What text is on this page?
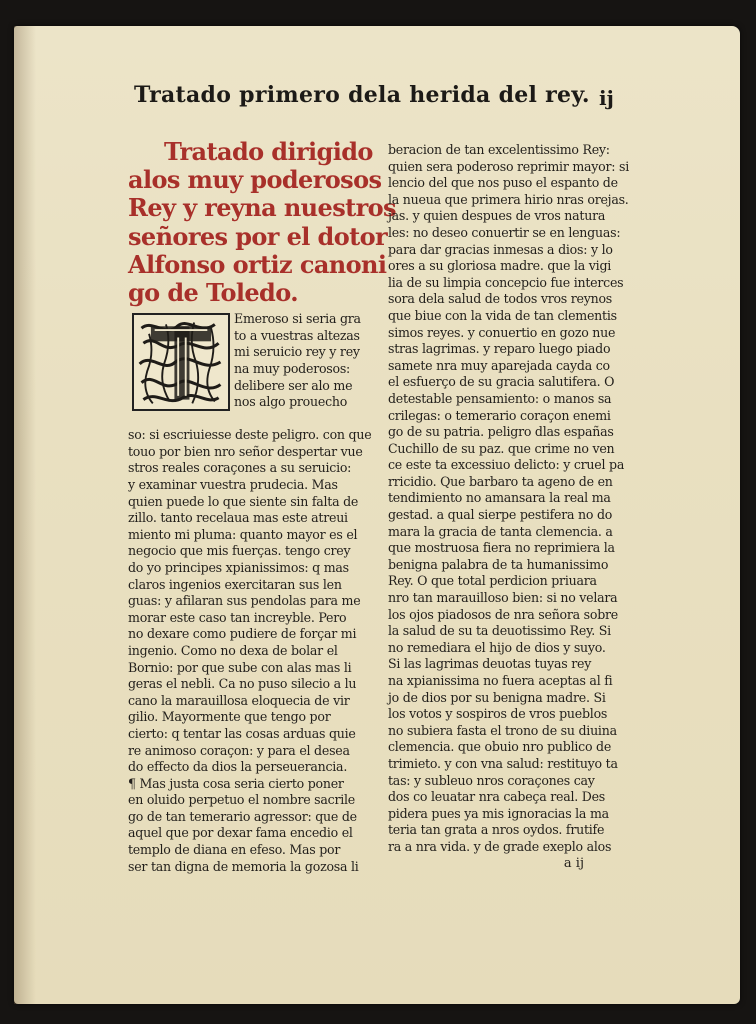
Tratado primero dela herida del rey. ij
Tratado dirigido
alos muy poderosos
Rey y reyna nuestros
señores por el dotor
Alfonso ortiz canoni
go de Toledo.
Emeroso si seria gra
to a vuestras altezas
mi seruicio rey y rey
na muy poderosos:
delibere ser alo me
nos algo prouecho
so: si escriuiesse deste peligro. con que
touo por bien nro señor despertar vue
stros reales coraçones a su seruicio:
y examinar vuestra prudecia. Mas
quien puede lo que siente sin falta de
zillo. tanto recelaua mas este atreui
miento mi pluma: quanto mayor es el
negocio que mis fuerças. tengo crey
do yo principes xpianissimos: q mas
claros ingenios exercitaran sus len
guas: y afilaran sus pendolas para me
morar este caso tan increyble. Pero
no dexare como pudiere de forçar mi
ingenio. Como no dexa de bolar el
Bornio: por que sube con alas mas li
geras el nebli. Ca no puso silecio a lu
cano la marauillosa eloquecia de vir
gilio. Mayormente que tengo por
cierto: q tentar las cosas arduas quie
re animoso coraçon: y para el desea
do effecto da dios la perseuerancia.
¶ Mas justa cosa seria cierto poner
en oluido perpetuo el nombre sacrile
go de tan temerario agressor: que de
aquel que por dexar fama encedio el
templo de diana en efeso. Mas por
ser tan digna de memoria la gozosa li
beracion de tan excelentissimo Rey:
quien sera poderoso reprimir mayor: si
lencio del que nos puso el espanto de
la nueua que primera hirio nras orejas.
jas. y quien despues de vros natura
les: no deseo conuertir se en lenguas:
para dar gracias inmesas a dios: y lo
ores a su gloriosa madre. que la vigi
lia de su limpia concepcio fue interces
sora dela salud de todos vros reynos
que biue con la vida de tan clementis
simos reyes. y conuertio en gozo nue
stras lagrimas. y reparo luego piado
samete nra muy aparejada cayda co
el esfuerço de su gracia salutifera. O
detestable pensamiento: o manos sa
crilegas: o temerario coraçon enemi
go de su patria. peligro dlas españas
Cuchillo de su paz. que crime no ven
ce este ta excessiuo delicto: y cruel pa
rricidio. Que barbaro ta ageno de en
tendimiento no amansara la real ma
gestad. a qual sierpe pestifera no do
mara la gracia de tanta clemencia. a
que mostruosa fiera no reprimiera la
benigna palabra de ta humanissimo
Rey. O que total perdicion priuara
nro tan marauilloso bien: si no velara
los ojos piadosos de nra señora sobre
la salud de su ta deuotissimo Rey. Si
no remediara el hijo de dios y suyo.
Si las lagrimas deuotas tuyas rey
na xpianissima no fuera aceptas al fi
jo de dios por su benigna madre. Si
los votos y sospiros de vros pueblos
no subiera fasta el trono de su diuina
clemencia. que obuio nro publico de
trimieto. y con vna salud: restituyo ta
tas: y subleuo nros coraçones cay
dos co leuatar nra cabeça real. Des
pidera pues ya mis ignoracias la ma
teria tan grata a nros oydos. frutife
ra a nra vida. y de grade exeplo alos
a ij
